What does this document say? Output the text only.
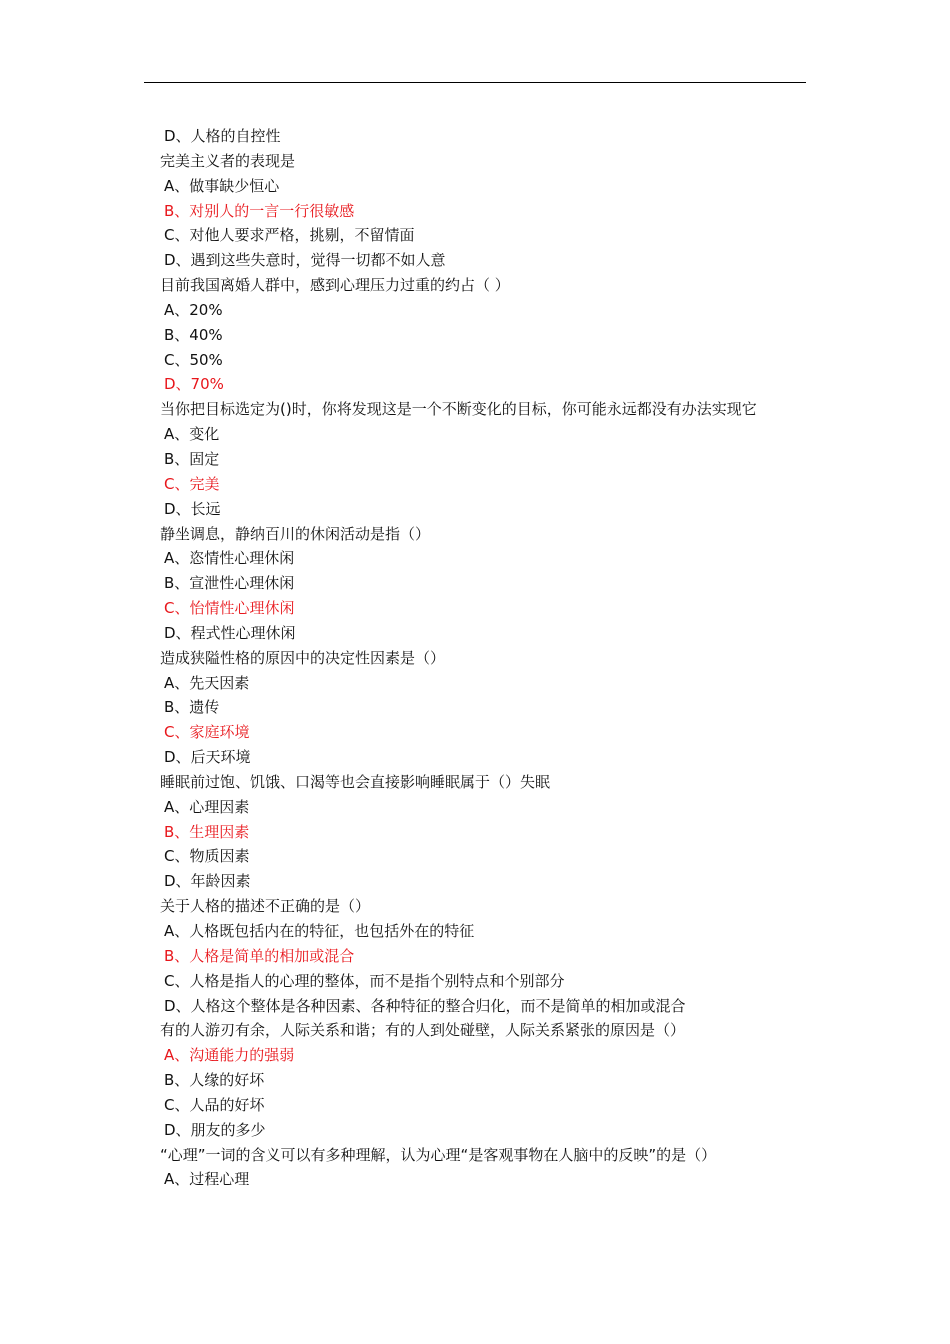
D、人格的自控性
完美主义者的表现是
A、做事缺少恒心
B、对别人的一言一行很敏感
C、对他人要求严格，挑剔，不留情面
D、遇到这些失意时，觉得一切都不如人意
目前我国离婚人群中，感到心理压力过重的约占（ ）
A、20%
B、40%
C、50%
D、70%
当你把目标选定为()时，你将发现这是一个不断变化的目标，你可能永远都没有办法实现它
A、变化
B、固定
C、完美
D、长远
静坐调息，静纳百川的休闲活动是指（）
A、恣情性心理休闲
B、宣泄性心理休闲
C、怡情性心理休闲
D、程式性心理休闲
造成狭隘性格的原因中的决定性因素是（）
A、先天因素
B、遗传
C、家庭环境
D、后天环境
睡眠前过饱、饥饿、口渴等也会直接影响睡眠属于（）失眠
A、心理因素
B、生理因素
C、物质因素
D、年龄因素
关于人格的描述不正确的是（）
A、人格既包括内在的特征，也包括外在的特征
B、人格是简单的相加或混合
C、人格是指人的心理的整体，而不是指个别特点和个别部分
D、人格这个整体是各种因素、各种特征的整合归化，而不是简单的相加或混合
有的人游刃有余，人际关系和谐；有的人到处碰壁，人际关系紧张的原因是（）
A、沟通能力的强弱
B、人缘的好坏
C、人品的好坏
D、朋友的多少
“心理”一词的含义可以有多种理解，认为心理“是客观事物在人脑中的反映”的是（）
A、过程心理
